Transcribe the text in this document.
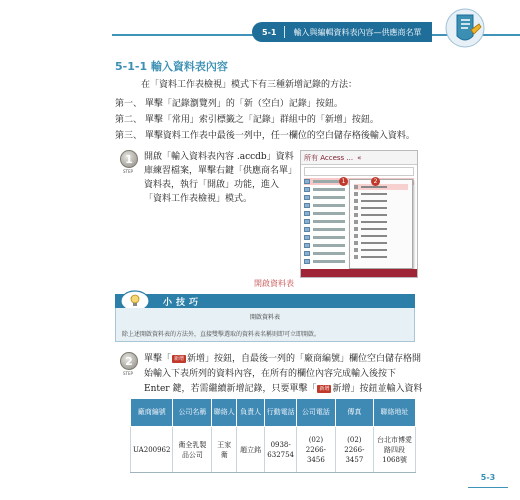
5-1 輸入與編輯資料表內容—供應商名單
5-1-1 輸入資料表內容
在「資料工作表檢視」模式下有三種新增記錄的方法：
第一、 單擊「記錄瀏覽列」的「新（空白）記錄」按鈕。
第二、 單擊「常用」索引標籤之「記錄」群組中的「新增」按鈕。
第三、 單擊資料工作表中最後一列中，任一欄位的空白儲存格後輸入資料。
1
STEP
開啟「輸入資料表內容 .accdb」資料庫練習檔案，單擊右鍵「供應商名單」資料表，執行「開啟」功能，進入「資料工作表檢視」模式。
所有 Access ... «
1	2
開啟資料表
小技巧
開啟資料表
除上述開啟資料表的方法外，直接雙擊選取的資料表名稱則即可立即開啟。
2
STEP
單擊「 新增 新增」按鈕，自最後一列的「廠商編號」欄位空白儲存格開始輸入下表所列的資料內容，在所有的欄位內容完成輸入後按下 Enter 鍵，若需繼續新增記錄，只要單擊「 新增 新增」按鈕並輸入資料
廠商編號	公司名稱	聯絡人	負責人	行動電話	公司電話	傳真	聯絡地址
UA200962	衛全乳製品公司	王家衛	趙立銘	0938-632754	(02) 2266-3456	(02) 2266-3457	台北市博愛路四段1068號
5-3
